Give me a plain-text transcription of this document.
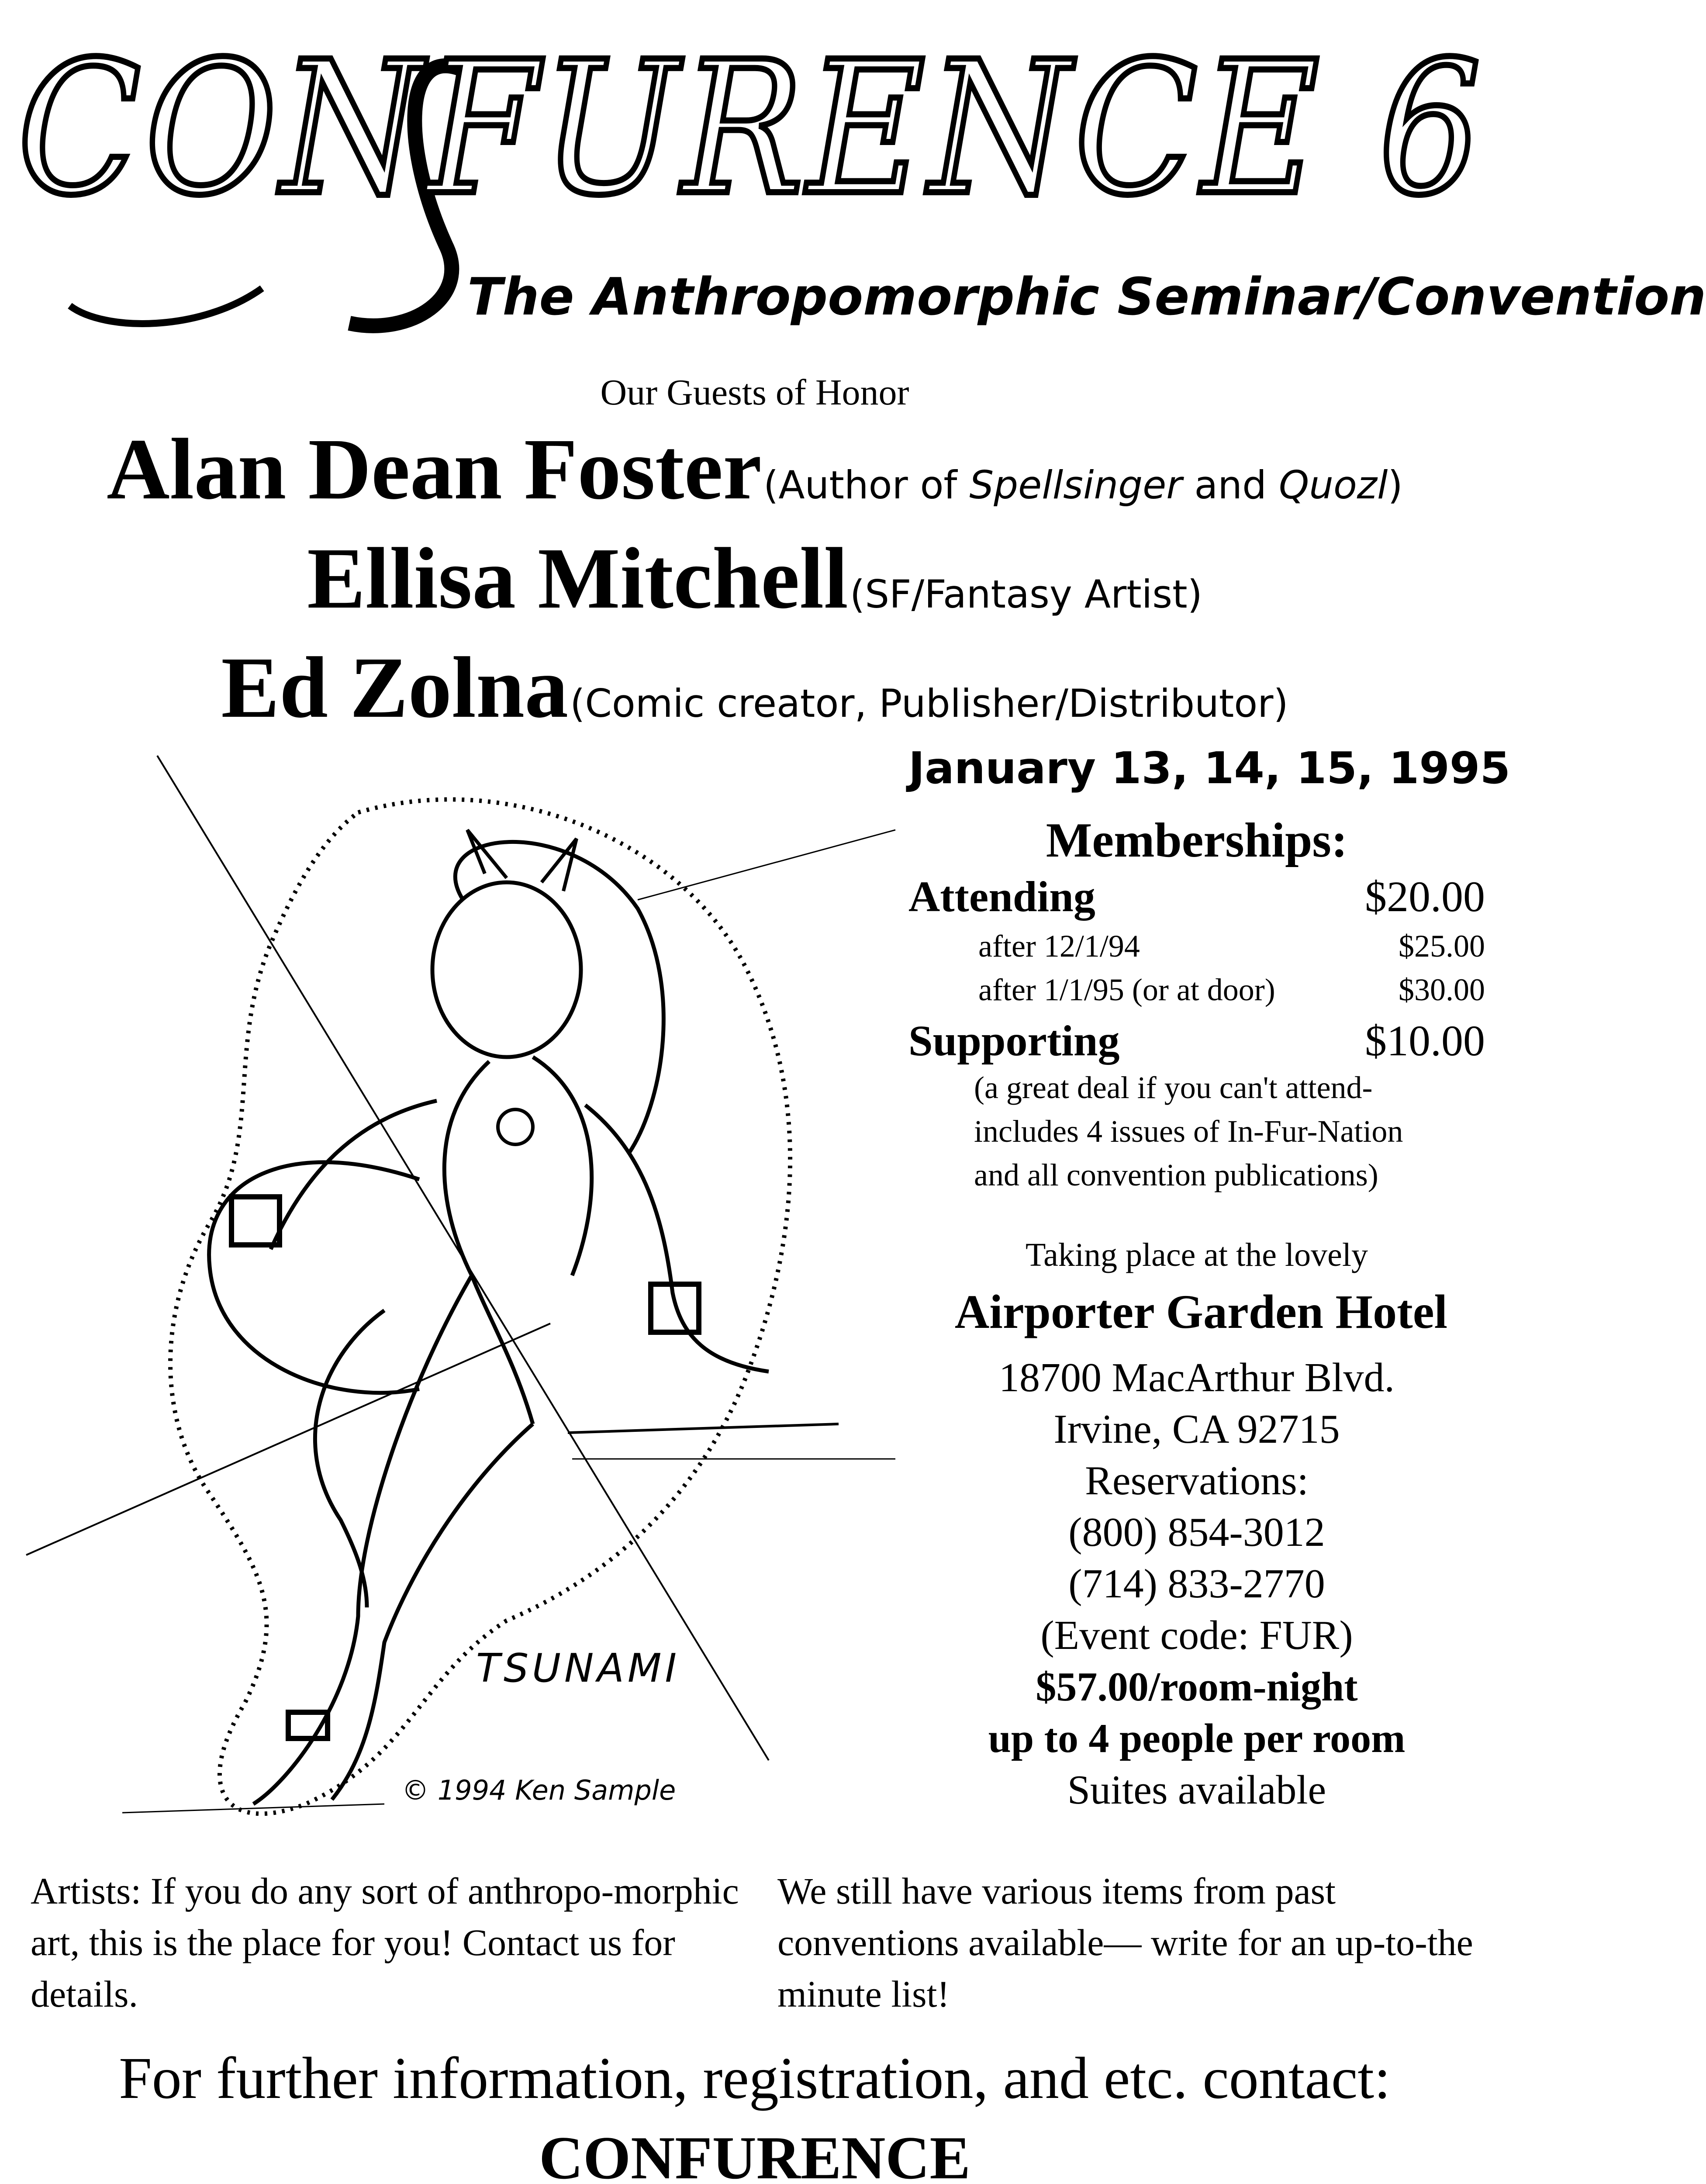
CONFURENCE 6
The Anthropomorphic Seminar/Convention
Our Guests of Honor
Alan Dean Foster (Author of Spellsinger and Quozl)
Ellisa Mitchell (SF/Fantasy Artist)
Ed Zolna (Comic creator, Publisher/Distributor)
TSUNAMI
© 1994 Ken Sample
January 13, 14, 15, 1995
Memberships:
Attending	$20.00
after 12/1/94	$25.00
after 1/1/95 (or at door)	$30.00
Supporting	$10.00
(a great deal if you can't attend-
includes 4 issues of In-Fur-Nation
and all convention publications)
Taking place at the lovely
Airporter Garden Hotel
18700 MacArthur Blvd.
Irvine, CA 92715
Reservations:
(800) 854-3012
(714) 833-2770
(Event code: FUR)
$57.00/room-night
up to 4 people per room
Suites available
Artists: If you do any sort of anthropo-morphic art, this is the place for you! Contact us for details.
We still have various items from past conventions available— write for an up-to-the minute list!
For further information, registration, and etc. contact:
CONFURENCE
